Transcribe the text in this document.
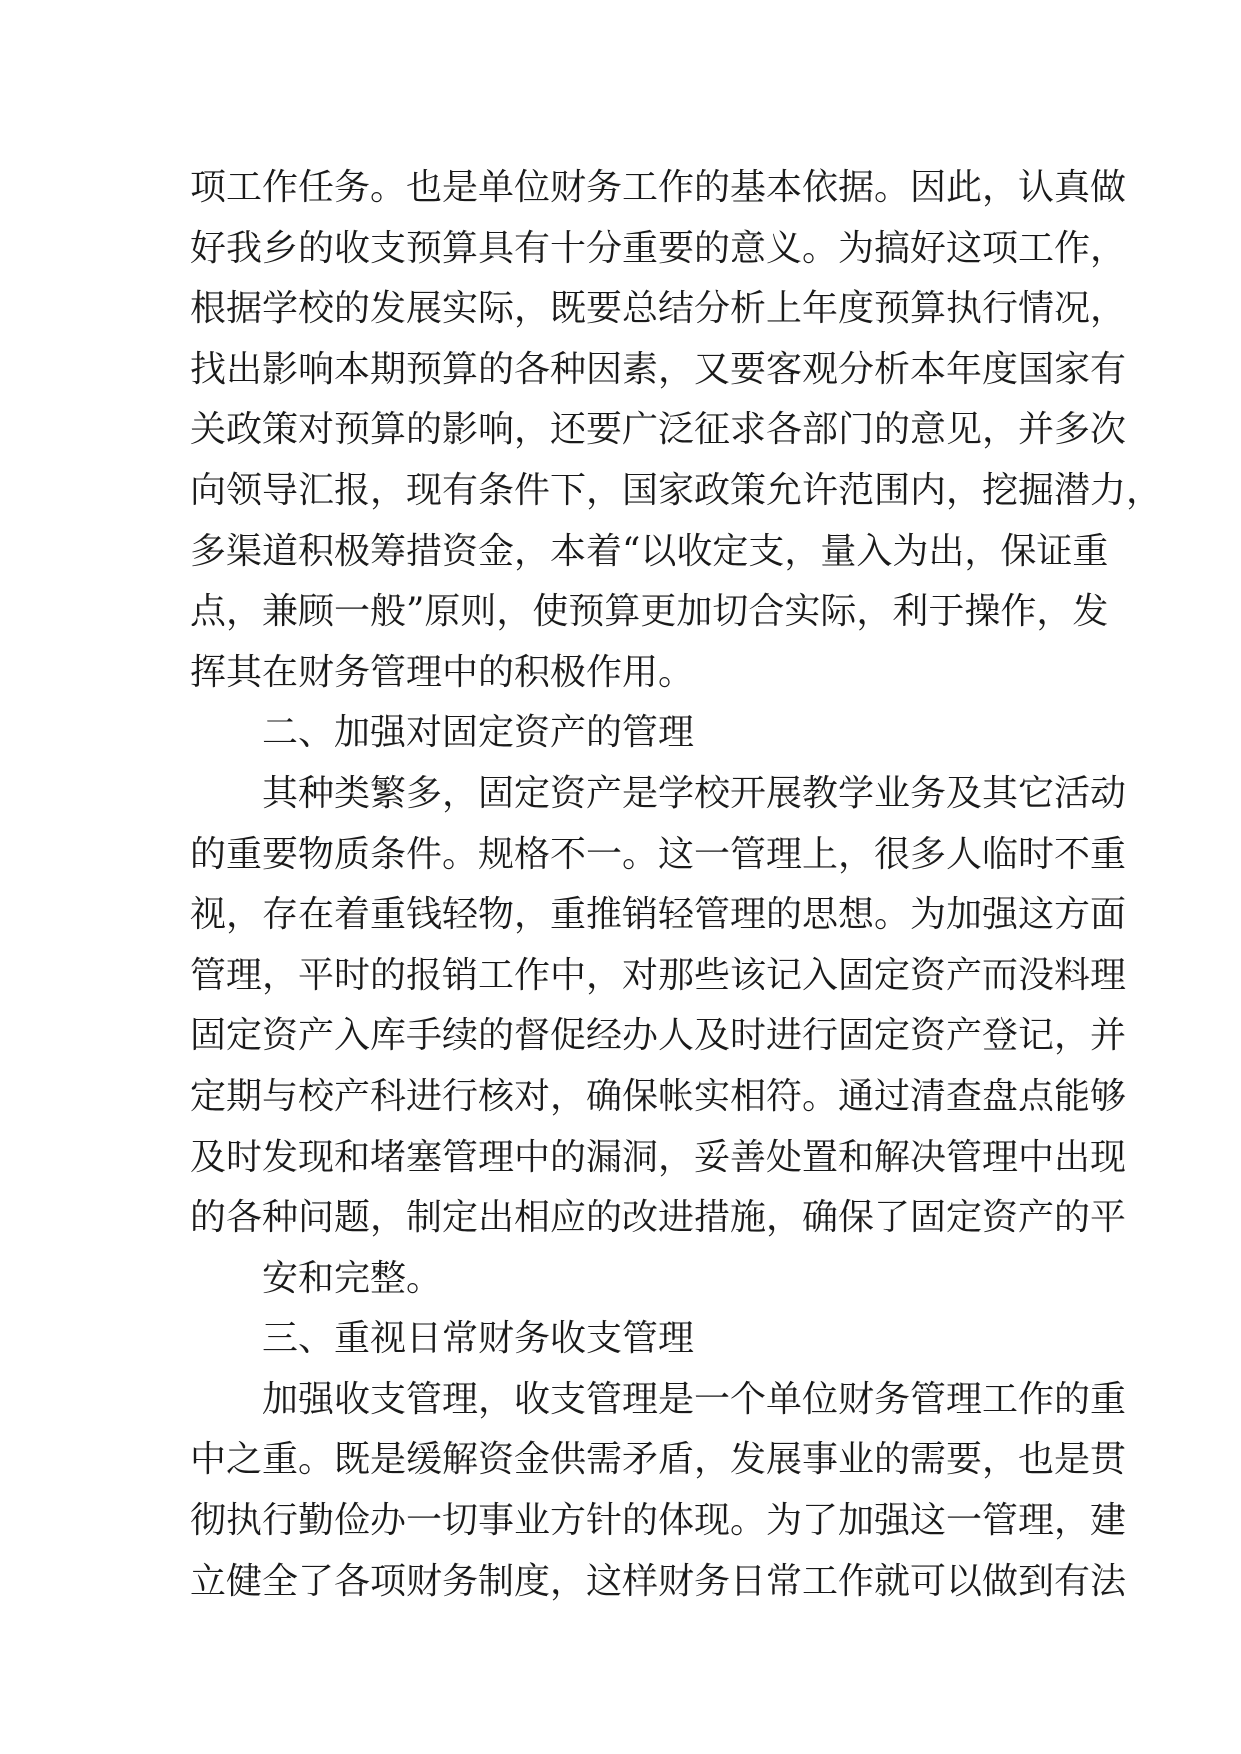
项工作任务。也是单位财务工作的基本依据。因此，认真做
好我乡的收支预算具有十分重要的意义。为搞好这项工作，
根据学校的发展实际，既要总结分析上年度预算执行情况，
找出影响本期预算的各种因素，又要客观分析本年度国家有
关政策对预算的影响，还要广泛征求各部门的意见，并多次
向领导汇报，现有条件下，国家政策允许范围内，挖掘潜力，
多渠道积极筹措资金，本着“以收定支，量入为出，保证重
点，兼顾一般”原则，使预算更加切合实际，利于操作，发
挥其在财务管理中的积极作用。
二、加强对固定资产的管理
其种类繁多，固定资产是学校开展教学业务及其它活动
的重要物质条件。规格不一。这一管理上，很多人临时不重
视，存在着重钱轻物，重推销轻管理的思想。为加强这方面
管理，平时的报销工作中，对那些该记入固定资产而没料理
固定资产入库手续的督促经办人及时进行固定资产登记，并
定期与校产科进行核对，确保帐实相符。通过清查盘点能够
及时发现和堵塞管理中的漏洞，妥善处置和解决管理中出现
的各种问题，制定出相应的改进措施，确保了固定资产的平
安和完整。
三、重视日常财务收支管理
加强收支管理，收支管理是一个单位财务管理工作的重
中之重。既是缓解资金供需矛盾，发展事业的需要，也是贯
彻执行勤俭办一切事业方针的体现。为了加强这一管理，建
立健全了各项财务制度，这样财务日常工作就可以做到有法
